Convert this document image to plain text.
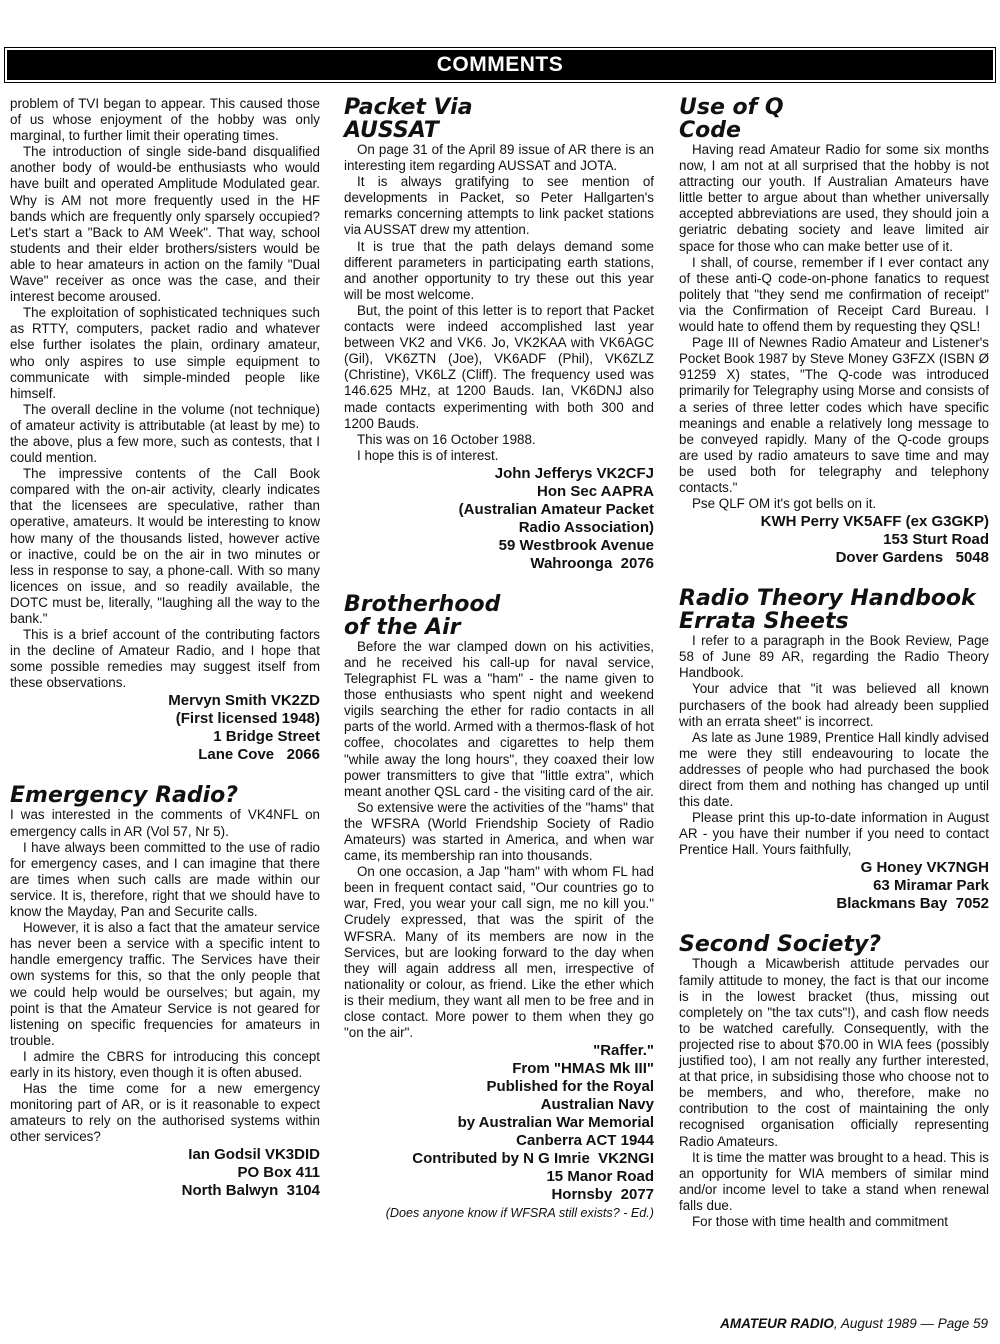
COMMENTS

problem of TVI began to appear. This caused those of us whose enjoyment of the hobby was only marginal, to further limit their operating times.

The introduction of single side-band disqualified another body of would-be enthusiasts who would have built and operated Amplitude Modulated gear. Why is AM not more frequently used in the HF bands which are frequently only sparsely occupied? Let's start a "Back to AM Week". That way, school students and their elder brothers/sisters would be able to hear amateurs in action on the family "Dual Wave" receiver as once was the case, and their interest become aroused.

The exploitation of sophisticated techniques such as RTTY, computers, packet radio and whatever else further isolates the plain, ordinary amateur, who only aspires to use simple equipment to communicate with simple-minded people like himself.

The overall decline in the volume (not technique) of amateur activity is attributable (at least by me) to the above, plus a few more, such as contests, that I could mention.

The impressive contents of the Call Book compared with the on-air activity, clearly indicates that the licensees are speculative, rather than operative, amateurs. It would be interesting to know how many of the thousands listed, however active or inactive, could be on the air in two minutes or less in response to say, a phone-call. With so many licences on issue, and so readily available, the DOTC must be, literally, "laughing all the way to the bank."

This is a brief account of the contributing factors in the decline of Amateur Radio, and I hope that some possible remedies may suggest itself from these observations.

Mervyn Smith VK2ZD
(First licensed 1948)
1 Bridge Street
Lane Cove   2066
Emergency Radio?

I was interested in the comments of VK4NFL on emergency calls in AR (Vol 57, Nr 5).

I have always been committed to the use of radio for emergency cases, and I can imagine that there are times when such calls are made within our service. It is, therefore, right that we should have to know the Mayday, Pan and Securite calls.

However, it is also a fact that the amateur service has never been a service with a specific intent to handle emergency traffic. The Services have their own systems for this, so that the only people that we could help would be ourselves; but again, my point is that the Amateur Service is not geared for listening on specific frequencies for amateurs in trouble.

I admire the CBRS for introducing this concept early in its history, even though it is often abused.

Has the time come for a new emergency monitoring part of AR, or is it reasonable to expect amateurs to rely on the authorised systems within other services?

Ian Godsil VK3DID
PO Box 411
North Balwyn  3104
Packet Via
AUSSAT

On page 31 of the April 89 issue of AR there is an interesting item regarding AUSSAT and JOTA.

It is always gratifying to see mention of developments in Packet, so Peter Hallgarten's remarks concerning attempts to link packet stations via AUSSAT drew my attention.

It is true that the path delays demand some different parameters in participating earth stations, and another opportunity to try these out this year will be most welcome.

But, the point of this letter is to report that Packet contacts were indeed accomplished last year between VK2 and VK6. Jo, VK2KAA with VK6AGC (Gil), VK6ZTN (Joe), VK6ADF (Phil), VK6ZLZ (Christine), VK6LZ (Cliff). The frequency used was 146.625 MHz, at 1200 Bauds. Ian, VK6DNJ also made contacts experimenting with both 300 and 1200 Bauds.

This was on 16 October 1988.

I hope this is of interest.

John Jefferys VK2CFJ
Hon Sec AAPRA
(Australian Amateur Packet
Radio Association)
59 Westbrook Avenue
Wahroonga  2076
Brotherhood
of the Air

Before the war clamped down on his activities, and he received his call-up for naval service, Telegraphist FL was a "ham" - the name given to those enthusiasts who spent night and weekend vigils searching the ether for radio contacts in all parts of the world. Armed with a thermos-flask of hot coffee, chocolates and cigarettes to help them "while away the long hours", they coaxed their low power transmitters to give that "little extra", which meant another QSL card - the visiting card of the air.

So extensive were the activities of the "hams" that the WFSRA (World Friendship Society of Radio Amateurs) was started in America, and when war came, its membership ran into thousands.

On one occasion, a Jap "ham" with whom FL had been in frequent contact said, "Our countries go to war, Fred, you wear your call sign, me no kill you." Crudely expressed, that was the spirit of the WFSRA. Many of its members are now in the Services, but are looking forward to the day when they will again address all men, irrespective of nationality or colour, as friend. Like the ether which is their medium, they want all men to be free and in close contact. More power to them when they go "on the air".

"Raffer."
From "HMAS Mk III"
Published for the Royal
Australian Navy
by Australian War Memorial
Canberra ACT 1944
Contributed by N G Imrie  VK2NGI
15 Manor Road
Hornsby  2077
(Does anyone know if WFSRA still exists? - Ed.)
Use of Q
Code

Having read Amateur Radio for some six months now, I am not at all surprised that the hobby is not attracting our youth. If Australian Amateurs have little better to argue about than whether universally accepted abbreviations are used, they should join a geriatric debating society and leave limited air space for those who can make better use of it.

I shall, of course, remember if I ever contact any of these anti-Q code-on-phone fanatics to request politely that "they send me confirmation of receipt" via the Confirmation of Receipt Card Bureau. I would hate to offend them by requesting they QSL!

Page III of Newnes Radio Amateur and Listener's Pocket Book 1987 by Steve Money G3FZX (ISBN Ø 91259 X) states, "The Q-code was introduced primarily for Telegraphy using Morse and consists of a series of three letter codes which have specific meanings and enable a relatively long message to be conveyed rapidly. Many of the Q-code groups are used by radio amateurs to save time and may be used both for telegraphy and telephony contacts."

Pse QLF OM it's got bells on it.

KWH Perry VK5AFF (ex G3GKP)
153 Sturt Road
Dover Gardens   5048
Radio Theory Handbook
Errata Sheets

I refer to a paragraph in the Book Review, Page 58 of June 89 AR, regarding the Radio Theory Handbook.

Your advice that "it was believed all known purchasers of the book had already been supplied with an errata sheet" is incorrect.

As late as June 1989, Prentice Hall kindly advised me were they still endeavouring to locate the addresses of people who had purchased the book direct from them and nothing has changed up until this date.

Please print this up-to-date information in August AR - you have their number if you need to contact Prentice Hall. Yours faithfully,

G Honey VK7NGH
63 Miramar Park
Blackmans Bay  7052
Second Society?

Though a Micawberish attitude pervades our family attitude to money, the fact is that our income is in the lowest bracket (thus, missing out completely on "the tax cuts"!), and cash flow needs to be watched carefully. Consequently, with the projected rise to about $70.00 in WIA fees (possibly justified too), I am not really any further interested, at that price, in subsidising those who choose not to be members, and who, therefore, make no contribution to the cost of maintaining the only recognised organisation officially representing Radio Amateurs.

It is time the matter was brought to a head. This is an opportunity for WIA members of similar mind and/or income level to take a stand when renewal falls due.

For those with time health and commitment

AMATEUR RADIO, August 1989 — Page 59
